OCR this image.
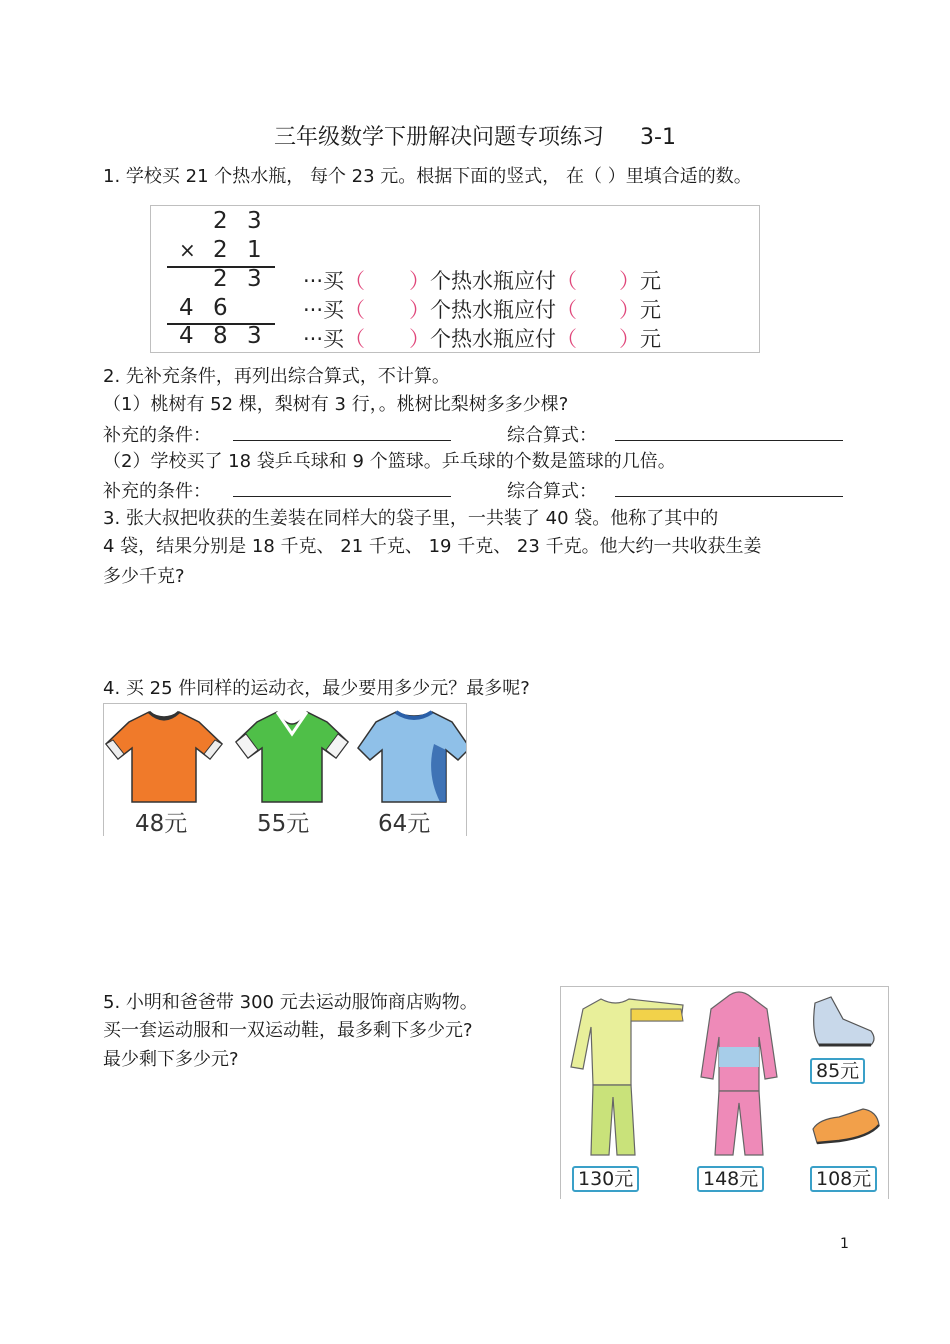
三年级数学下册解决问题专项练习 3-1
1. 学校买 21 个热水瓶， 每个 23 元。根据下面的竖式， 在（ ）里填合适的数。
2 3
× 2 1
2 3
4 6
4 8 3
···买（ ）个热水瓶应付（ ）元
···买（ ）个热水瓶应付（ ）元
···买（ ）个热水瓶应付（ ）元
2. 先补充条件，再列出综合算式，不计算。
（1）桃树有 52 棵，梨树有 3 行，。桃树比梨树多多少棵?
补充的条件：	综合算式：
（2）学校买了 18 袋乒乓球和 9 个篮球。乒乓球的个数是篮球的几倍。
补充的条件：	综合算式：
3. 张大叔把收获的生姜装在同样大的袋子里，一共装了 40 袋。他称了其中的
4 袋，结果分别是 18 千克、 21 千克、 19 千克、 23 千克。他大约一共收获生姜
多少千克?
4. 买 25 件同样的运动衣，最少要用多少元？最多呢?
48元	55元	64元
5. 小明和爸爸带 300 元去运动服饰商店购物。
买一套运动服和一双运动鞋，最多剩下多少元?
最少剩下多少元?
85元
130元	148元	108元
1
